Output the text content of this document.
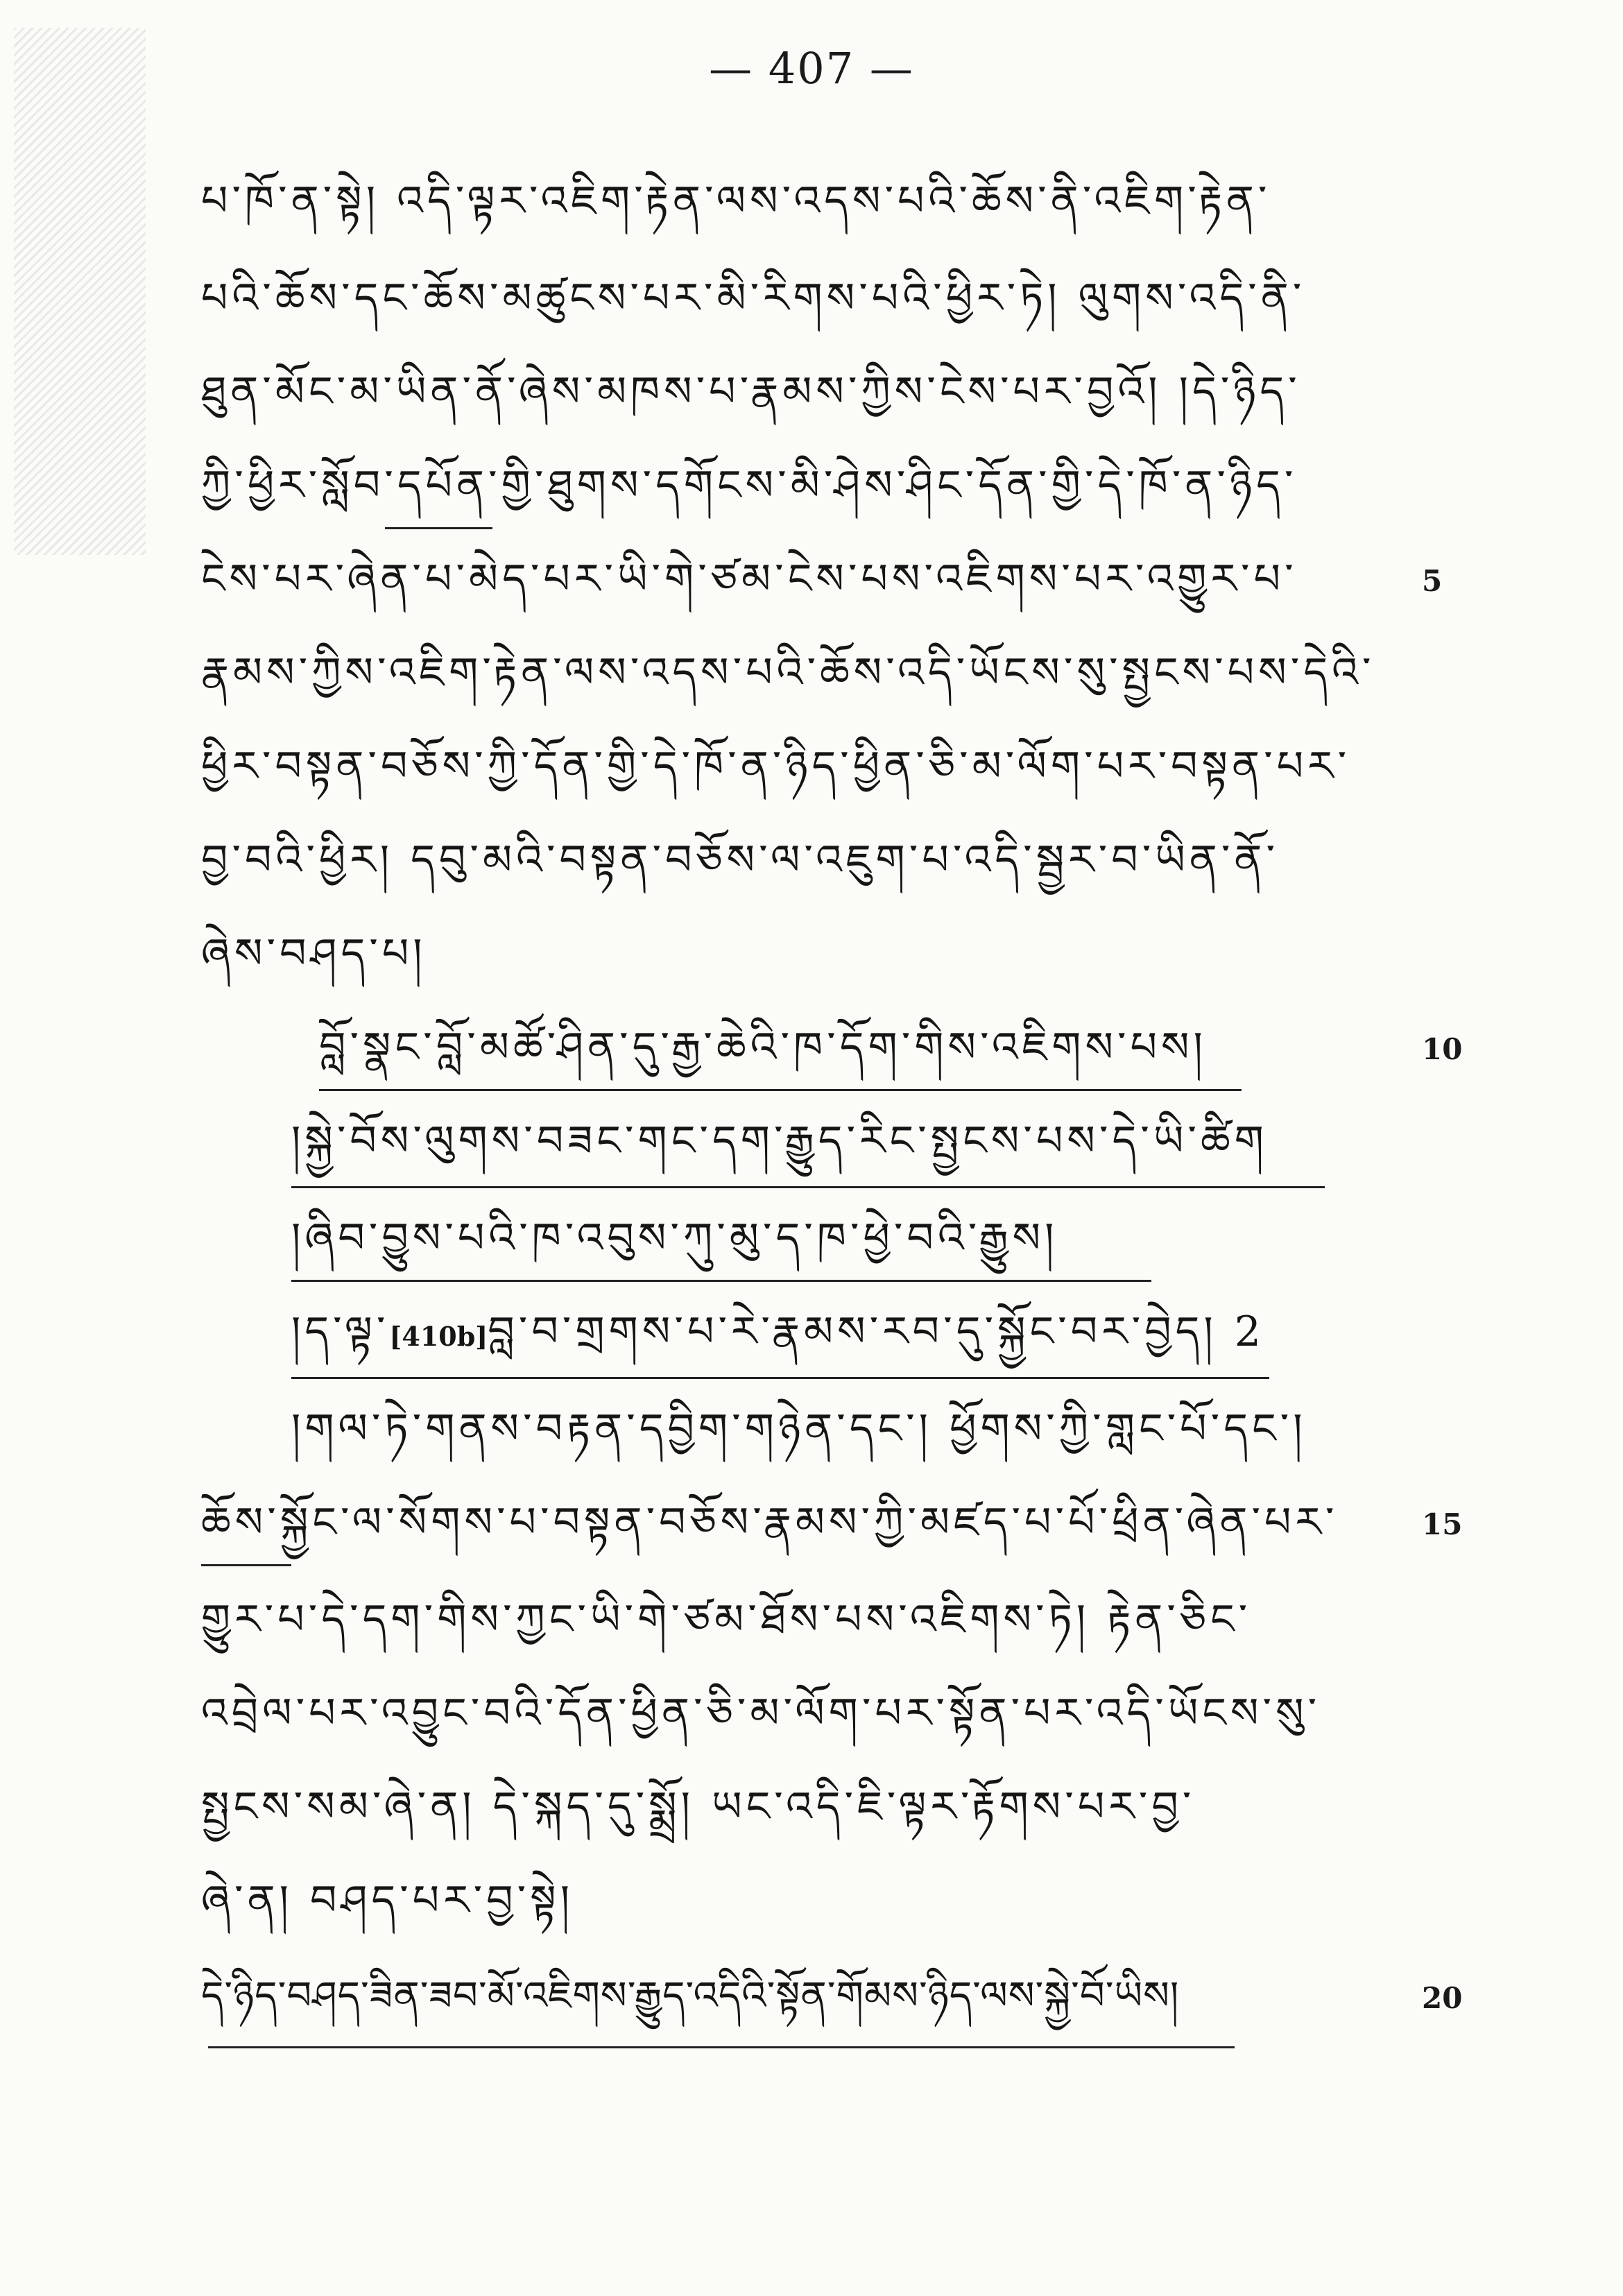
— 407 —
པ་ཁོ་ན་སྟེ། འདི་ལྟར་འཇིག་རྟེན་ལས་འདས་པའི་ཆོས་ནི་འཇིག་རྟེན་
པའི་ཆོས་དང་ཆོས་མཚུངས་པར་མི་རིགས་པའི་ཕྱིར་ཏེ། ལུགས་འདི་ནི་
ཐུན་མོང་མ་ཡིན་ནོ་ཞེས་མཁས་པ་རྣམས་ཀྱིས་ངེས་པར་བྱའོ། །དེ་ཉིད་
ཀྱི་ཕྱིར་སློབ་དཔོན་གྱི་ཐུགས་དགོངས་མི་ཤེས་ཤིང་དོན་གྱི་དེ་ཁོ་ན་ཉིད་
ངེས་པར་ཞེན་པ་མེད་པར་ཡི་གེ་ཙམ་ངེས་པས་འཇིགས་པར་འགྱུར་པ་	5
རྣམས་ཀྱིས་འཇིག་རྟེན་ལས་འདས་པའི་ཆོས་འདི་ཡོངས་སུ་སྤྱངས་པས་དེའི་
ཕྱིར་བསྟན་བཅོས་ཀྱི་དོན་གྱི་དེ་ཁོ་ན་ཉིད་ཕྱིན་ཅི་མ་ལོག་པར་བསྟན་པར་
བྱ་བའི་ཕྱིར། དབུ་མའི་བསྟན་བཅོས་ལ་འཇུག་པ་འདི་སྦྱར་བ་ཡིན་ནོ་
ཞེས་བཤད་པ།
བློ་སྣང་བློ་མཚོ་ཤིན་དུ་རྒྱ་ཆེའི་ཁ་དོག་གིས་འཇིགས་པས།	10
།སྐྱེ་བོས་ལུགས་བཟང་གང་དག་རྒྱུད་རིང་སྤྱངས་པས་དེ་ཡི་ཚིག
།ཞིབ་བྱུས་པའི་ཁ་འབུས་ཀུ་མུ་ད་ཁ་ཕྱེ་བའི་རྒྱུས།
།ད་ལྟ་[410b]བླ་བ་གྲགས་པ་རེ་རྣམས་རབ་དུ་སྐྱོང་བར་བྱེད། 2
།གལ་ཏེ་གནས་བརྟན་དབྱིག་གཉེན་དང་། ཕྱོགས་ཀྱི་གླང་པོ་དང་།
ཆོས་སྐྱོང་ལ་སོགས་པ་བསྟན་བཅོས་རྣམས་ཀྱི་མཛད་པ་པོ་ཕྲིན་ཞེན་པར་	15
གྱུར་པ་དེ་དག་གིས་ཀྱང་ཡི་གེ་ཙམ་ཐོས་པས་འཇིགས་ཏེ། རྟེན་ཅིང་
འབྲེལ་པར་འབྱུང་བའི་དོན་ཕྱིན་ཅི་མ་ལོག་པར་སྟོན་པར་འདི་ཡོངས་སུ་
སྤྱངས་སམ་ཞེ་ན། དེ་སྐད་དུ་སྨྲོ། ཡང་འདི་ཇི་ལྟར་རྟོགས་པར་བྱ་
ཞེ་ན། བཤད་པར་བྱ་སྟེ།
དེ་ཉིད་བཤད་ཟིན་ཟབ་མོ་འཇིགས་རྒྱུད་འདིའི་སྟོན་གོམས་ཉིད་ལས་སྐྱེ་བོ་ཡིས།	20
